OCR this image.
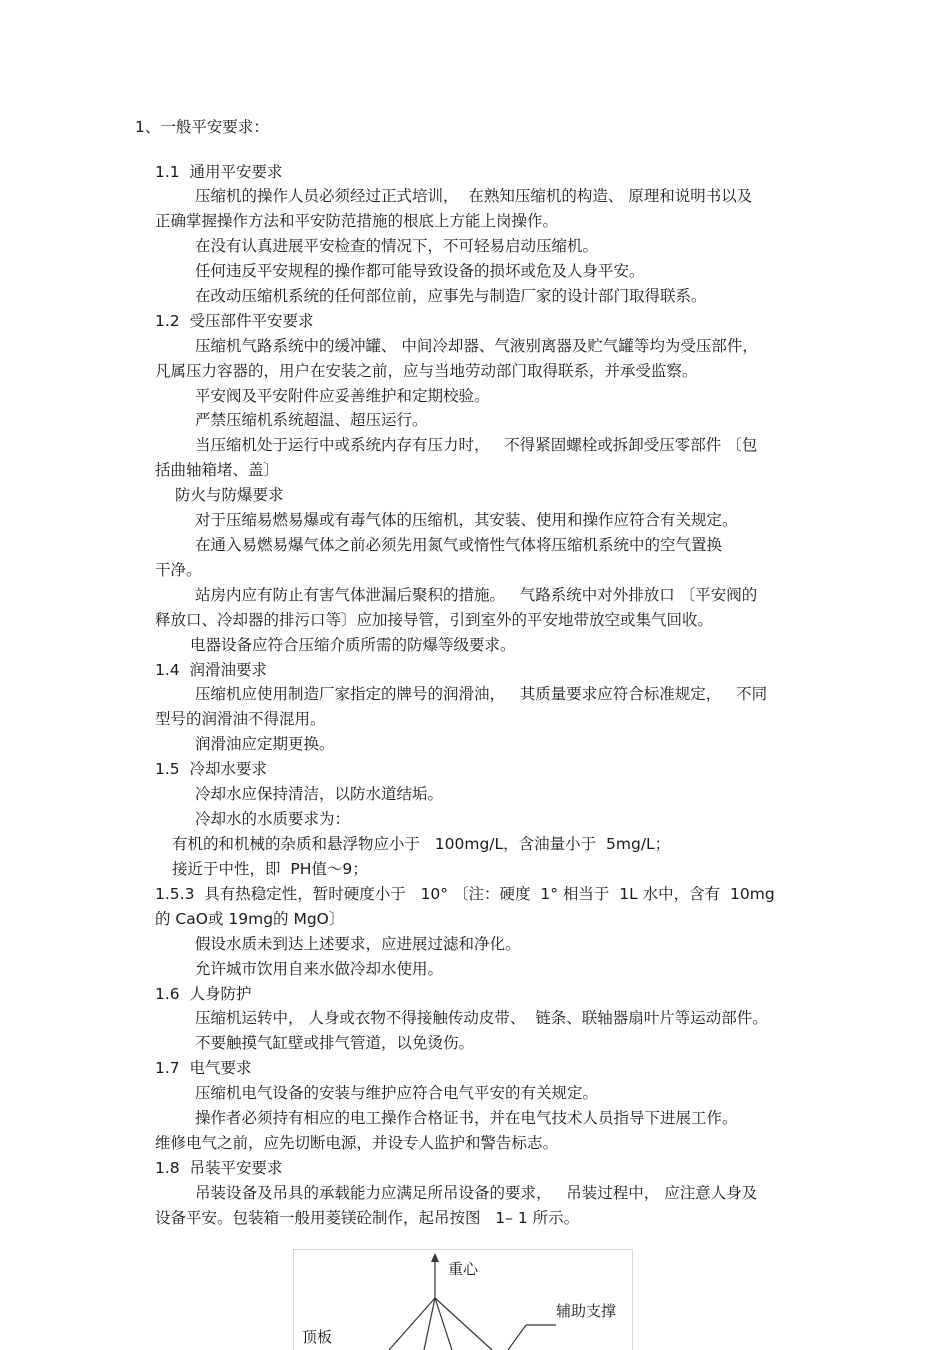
1、一般平安要求：
1.1  通用平安要求
压缩机的操作人员必须经过正式培训，  在熟知压缩机的构造、 原理和说明书以及
正确掌握操作方法和平安防范措施的根底上方能上岗操作。
在没有认真进展平安检查的情况下，不可轻易启动压缩机。
任何违反平安规程的操作都可能导致设备的损坏或危及人身平安。
在改动压缩机系统的任何部位前，应事先与制造厂家的设计部门取得联系。
1.2  受压部件平安要求
压缩机气路系统中的缓冲罐、 中间冷却器、气液别离器及贮气罐等均为受压部件，
凡属压力容器的，用户在安装之前，应与当地劳动部门取得联系，并承受监察。
平安阀及平安附件应妥善维护和定期校验。
严禁压缩机系统超温、超压运行。
当压缩机处于运行中或系统内存有压力时，   不得紧固螺栓或拆卸受压零部件 〔包
括曲轴箱堵、盖〕
防火与防爆要求
对于压缩易燃易爆或有毒气体的压缩机，其安装、使用和操作应符合有关规定。
在通入易燃易爆气体之前必须先用氮气或惰性气体将压缩机系统中的空气置换
干净。
站房内应有防止有害气体泄漏后聚积的措施。   气路系统中对外排放口 〔平安阀的
释放口、冷却器的排污口等〕应加接导管，引到室外的平安地带放空或集气回收。
电器设备应符合压缩介质所需的防爆等级要求。
1.4  润滑油要求
压缩机应使用制造厂家指定的牌号的润滑油，   其质量要求应符合标准规定，   不同
型号的润滑油不得混用。
润滑油应定期更换。
1.5  冷却水要求
冷却水应保持清洁，以防水道结垢。
冷却水的水质要求为：
有机的和机械的杂质和悬浮物应小于   100mg/L，含油量小于  5mg/L；
接近于中性，即  PH值～9；
1.5.3  具有热稳定性，暂时硬度小于   10° 〔注：硬度  1° 相当于  1L 水中，含有  10mg
的 CaO或 19mg的 MgO〕
假设水质未到达上述要求，应进展过滤和净化。
允许城市饮用自来水做冷却水使用。
1.6  人身防护
压缩机运转中， 人身或衣物不得接触传动皮带、  链条、联轴器扇叶片等运动部件。
不要触摸气缸壁或排气管道，以免烫伤。
1.7  电气要求
压缩机电气设备的安装与维护应符合电气平安的有关规定。
操作者必须持有相应的电工操作合格证书，并在电气技术人员指导下进展工作。
维修电气之前，应先切断电源，并设专人监护和警告标志。
1.8  吊装平安要求
吊装设备及吊具的承载能力应满足所吊设备的要求，   吊装过程中， 应注意人身及
设备平安。包装箱一般用菱镁砼制作，起吊按图   1– 1 所示。
重心
辅助支撑
顶板
